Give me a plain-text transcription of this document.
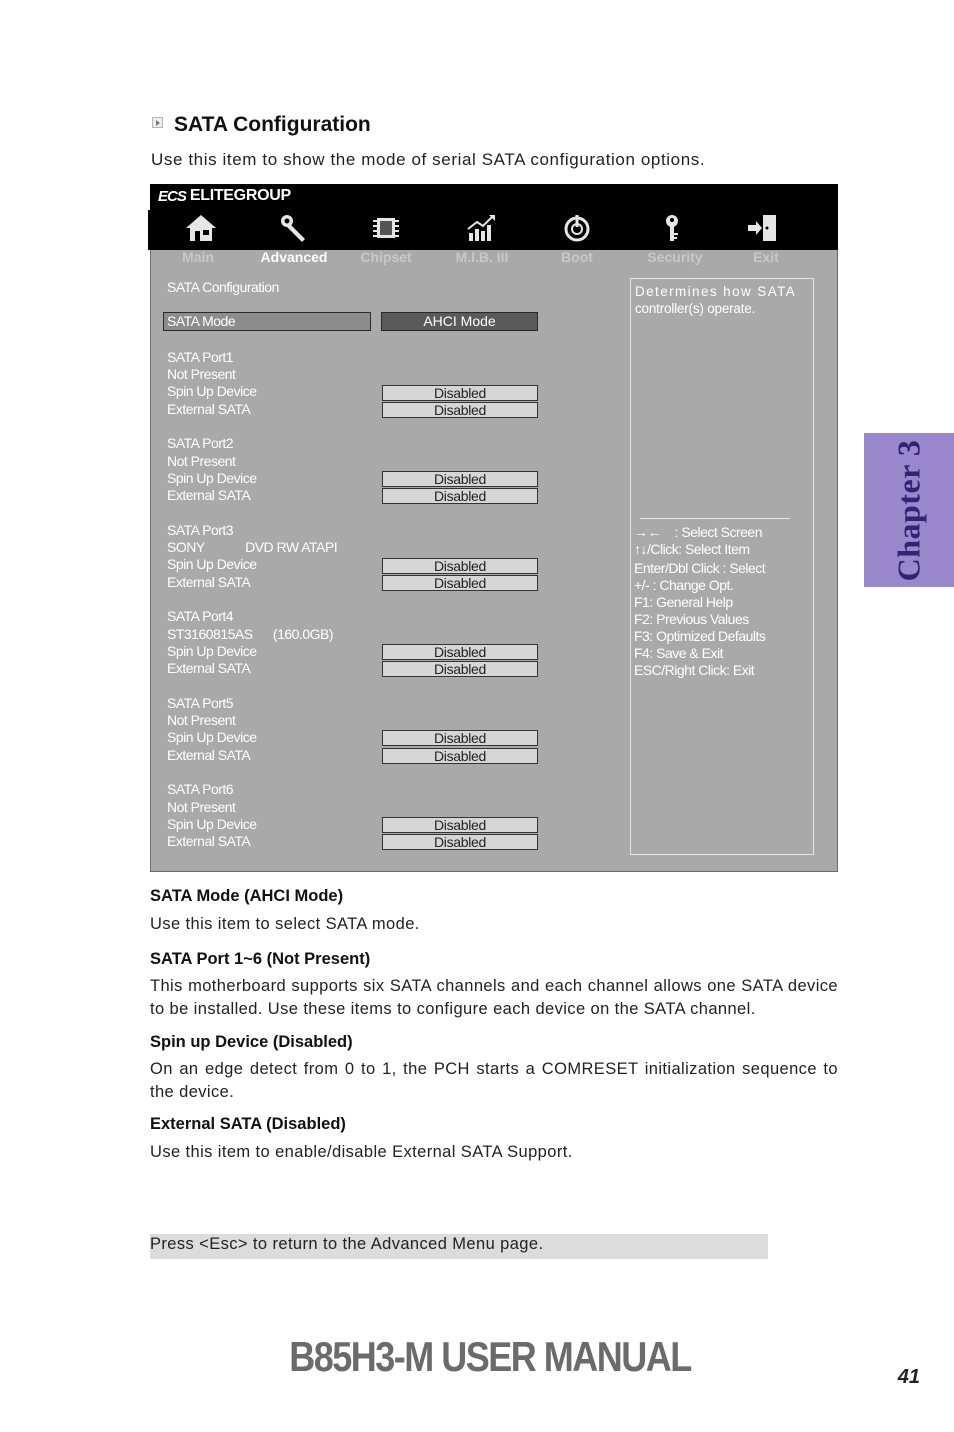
SATA Configuration
Use this item to show the mode of serial SATA configuration options.
ECS ELITEGROUP
Main	Advanced	Chipset	M.I.B. III	Boot	Security	Exit
SATA Configuration
SATA Mode	AHCI Mode
SATA Port1
Not Present
Spin Up Device	Disabled
External SATA	Disabled
SATA Port2
Not Present
Spin Up Device	Disabled
External SATA	Disabled
SATA Port3
SONY            DVD RW ATAPI
Spin Up Device	Disabled
External SATA	Disabled
SATA Port4
ST3160815AS      (160.0GB)
Spin Up Device	Disabled
External SATA	Disabled
SATA Port5
Not Present
Spin Up Device	Disabled
External SATA	Disabled
SATA Port6
Not Present
Spin Up Device	Disabled
External SATA	Disabled
Determines how SATA
controller(s) operate.
→←    : Select Screen
↑↓/Click: Select Item
Enter/Dbl Click : Select
+/- : Change Opt.
F1: General Help
F2: Previous Values
F3: Optimized Defaults
F4: Save & Exit
ESC/Right Click: Exit
SATA Mode (AHCI Mode)
Use this item to select SATA mode.
SATA Port 1~6 (Not Present)
This motherboard supports six SATA channels and each channel allows one SATA device to be installed. Use these items to configure each device on the SATA channel.
Spin up Device (Disabled)
On an edge detect from 0 to 1, the PCH starts a COMRESET initialization sequence to the device.
External SATA (Disabled)
Use this item to enable/disable External SATA Support.
Press <Esc> to return to the Advanced Menu page.
Chapter 3
B85H3-M USER MANUAL	41
